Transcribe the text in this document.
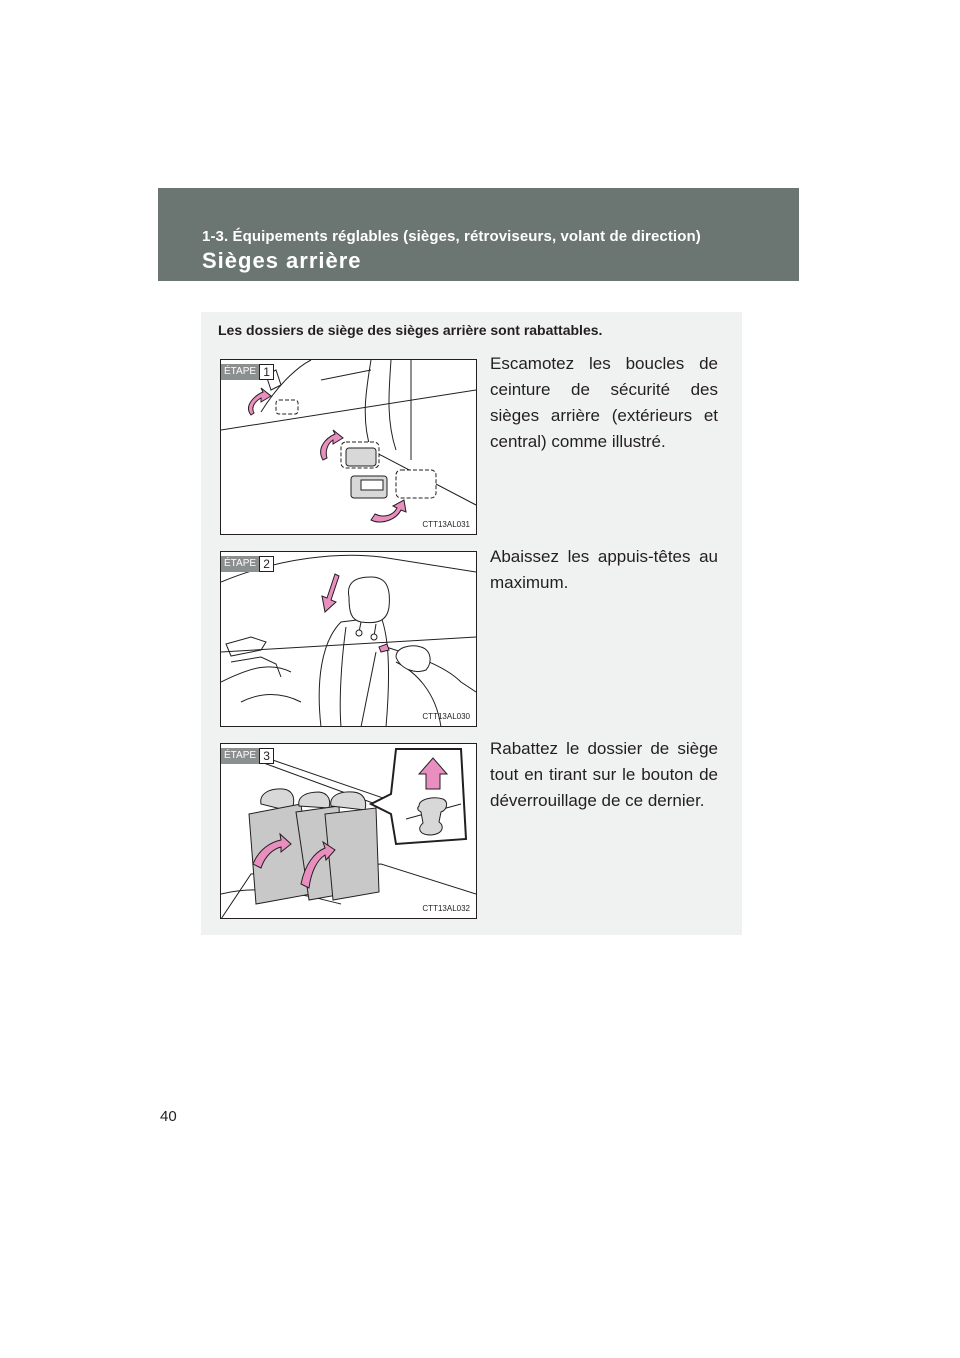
1-3. Équipements réglables (sièges, rétroviseurs, volant de direction)
Sièges arrière
Les dossiers de siège des sièges arrière sont rabattables.
ÉTAPE 1
CTT13AL031
Escamotez les boucles de ceinture de sécurité des sièges arrière (extérieurs et central) comme illustré.
ÉTAPE 2
CTT13AL030
Abaissez les appuis-têtes au maximum.
ÉTAPE 3
CTT13AL032
Rabattez le dossier de siège tout en tirant sur le bouton de déverrouillage de ce dernier.
40
